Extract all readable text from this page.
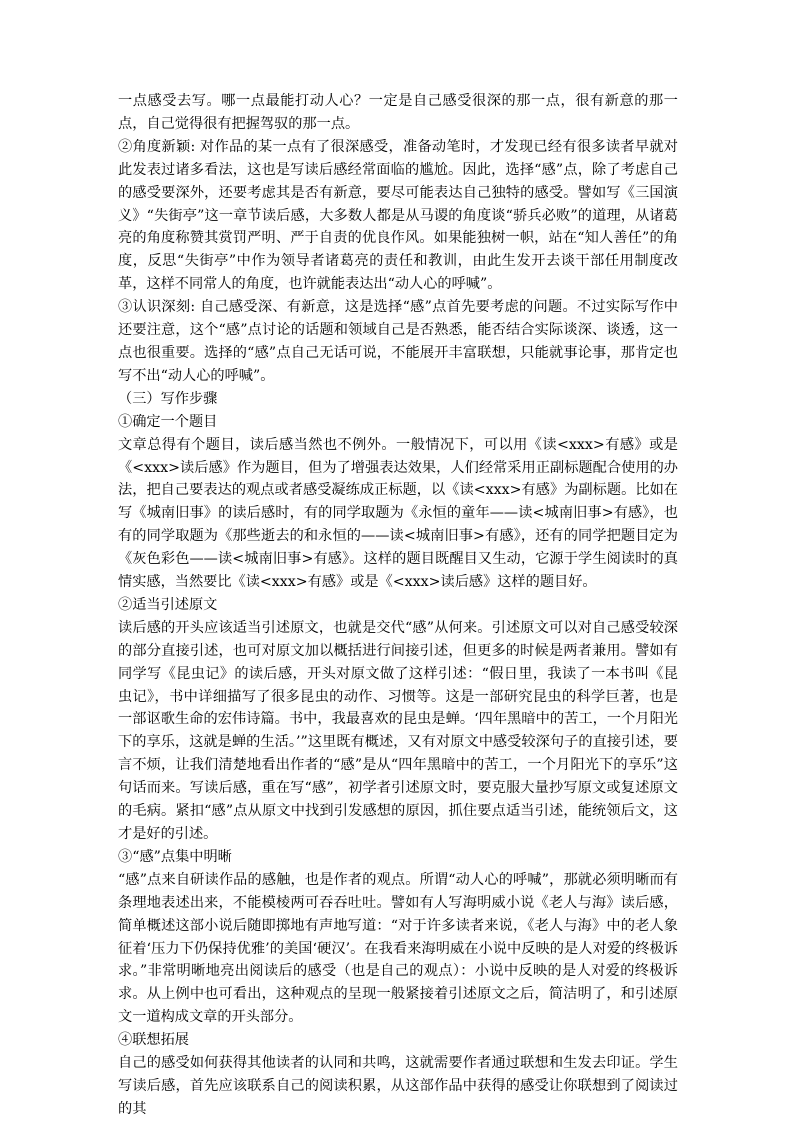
一点感受去写。哪一点最能打动人心？一定是自己感受很深的那一点，很有新意的那一点，自己觉得很有把握驾驭的那一点。

②角度新颖: 对作品的某一点有了很深感受，准备动笔时，才发现已经有很多读者早就对此发表过诸多看法，这也是写读后感经常面临的尴尬。因此，选择“感”点，除了考虑自己的感受要深外，还要考虑其是否有新意，要尽可能表达自己独特的感受。譬如写《三国演义》“失街亭”这一章节读后感，大多数人都是从马谡的角度谈“骄兵必败”的道理，从诸葛亮的角度称赞其赏罚严明、严于自责的优良作风。如果能独树一帜，站在“知人善任”的角度，反思“失街亭”中作为领导者诸葛亮的责任和教训，由此生发开去谈干部任用制度改革，这样不同常人的角度，也许就能表达出“动人心的呼喊”。

③认识深刻: 自己感受深、有新意，这是选择“感”点首先要考虑的问题。不过实际写作中还要注意，这个“感”点讨论的话题和领域自己是否熟悉，能否结合实际谈深、谈透，这一点也很重要。选择的“感”点自己无话可说，不能展开丰富联想，只能就事论事，那肯定也写不出“动人心的呼喊”。

（三）写作步骤

①确定一个题目

文章总得有个题目，读后感当然也不例外。一般情况下，可以用《读<xxx>有感》或是《<xxx>读后感》作为题目，但为了增强表达效果，人们经常采用正副标题配合使用的办法，把自己要表达的观点或者感受凝练成正标题，以《读<xxx>有感》为副标题。比如在写《城南旧事》的读后感时，有的同学取题为《永恒的童年——读<城南旧事>有感》，也有的同学取题为《那些逝去的和永恒的——读<城南旧事>有感》，还有的同学把题目定为《灰色彩色——读<城南旧事>有感》。这样的题目既醒目又生动，它源于学生阅读时的真情实感，当然要比《读<xxx>有感》或是《<xxx>读后感》这样的题目好。

②适当引述原文

读后感的开头应该适当引述原文，也就是交代“感”从何来。引述原文可以对自己感受较深的部分直接引述，也可对原文加以概括进行间接引述，但更多的时候是两者兼用。譬如有同学写《昆虫记》的读后感，开头对原文做了这样引述：“假日里，我读了一本书叫《昆虫记》，书中详细描写了很多昆虫的动作、习惯等。这是一部研究昆虫的科学巨著，也是一部讴歌生命的宏伟诗篇。书中，我最喜欢的昆虫是蝉。‘四年黑暗中的苦工，一个月阳光下的享乐，这就是蝉的生活。’”这里既有概述，又有对原文中感受较深句子的直接引述，要言不烦，让我们清楚地看出作者的“感”是从“四年黑暗中的苦工，一个月阳光下的享乐”这句话而来。写读后感，重在写“感”，初学者引述原文时，要克服大量抄写原文或复述原文的毛病。紧扣“感”点从原文中找到引发感想的原因，抓住要点适当引述，能统领后文，这才是好的引述。

③“感”点集中明晰

“感”点来自研读作品的感触，也是作者的观点。所谓“动人心的呼喊”，那就必须明晰而有条理地表述出来，不能模棱两可吞吞吐吐。譬如有人写海明威小说《老人与海》读后感，简单概述这部小说后随即掷地有声地写道：“对于许多读者来说，《老人与海》中的老人象征着‘压力下仍保持优雅’的美国‘硬汉’。在我看来海明威在小说中反映的是人对爱的终极诉求。”非常明晰地亮出阅读后的感受（也是自己的观点）：小说中反映的是人对爱的终极诉求。从上例中也可看出，这种观点的呈现一般紧接着引述原文之后，简洁明了，和引述原文一道构成文章的开头部分。

④联想拓展

自己的感受如何获得其他读者的认同和共鸣，这就需要作者通过联想和生发去印证。学生写读后感，首先应该联系自己的阅读积累，从这部作品中获得的感受让你联想到了阅读过的其
